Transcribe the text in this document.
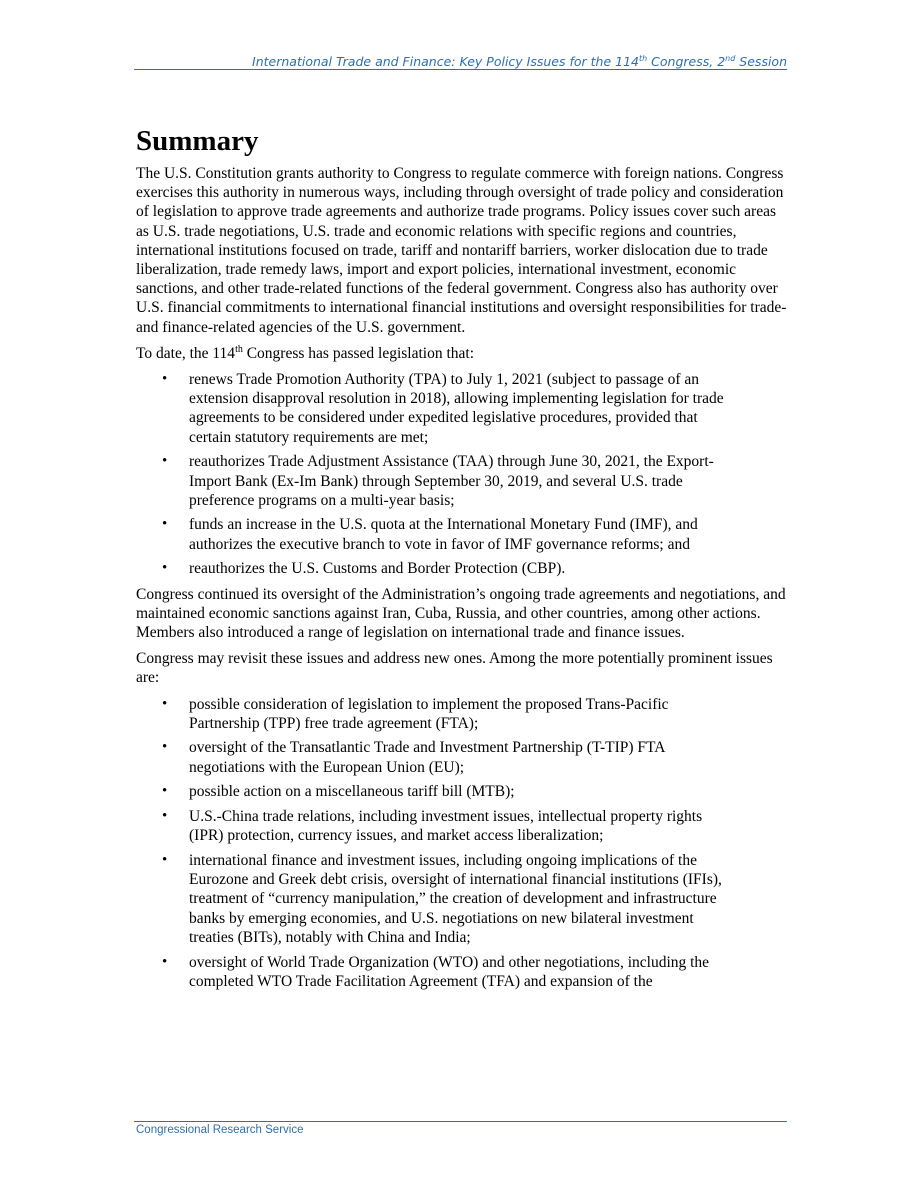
International Trade and Finance: Key Policy Issues for the 114th Congress, 2nd Session
Summary

The U.S. Constitution grants authority to Congress to regulate commerce with foreign nations. Congress exercises this authority in numerous ways, including through oversight of trade policy and consideration of legislation to approve trade agreements and authorize trade programs. Policy issues cover such areas as U.S. trade negotiations, U.S. trade and economic relations with specific regions and countries, international institutions focused on trade, tariff and nontariff barriers, worker dislocation due to trade liberalization, trade remedy laws, import and export policies, international investment, economic sanctions, and other trade-related functions of the federal government. Congress also has authority over U.S. financial commitments to international financial institutions and oversight responsibilities for trade- and finance-related agencies of the U.S. government.

To date, the 114th Congress has passed legislation that:

• renews Trade Promotion Authority (TPA) to July 1, 2021 (subject to passage of an extension disapproval resolution in 2018), allowing implementing legislation for trade agreements to be considered under expedited legislative procedures, provided that certain statutory requirements are met;
• reauthorizes Trade Adjustment Assistance (TAA) through June 30, 2021, the Export-Import Bank (Ex-Im Bank) through September 30, 2019, and several U.S. trade preference programs on a multi-year basis;
• funds an increase in the U.S. quota at the International Monetary Fund (IMF), and authorizes the executive branch to vote in favor of IMF governance reforms; and
• reauthorizes the U.S. Customs and Border Protection (CBP).

Congress continued its oversight of the Administration’s ongoing trade agreements and negotiations, and maintained economic sanctions against Iran, Cuba, Russia, and other countries, among other actions. Members also introduced a range of legislation on international trade and finance issues.

Congress may revisit these issues and address new ones. Among the more potentially prominent issues are:

• possible consideration of legislation to implement the proposed Trans-Pacific Partnership (TPP) free trade agreement (FTA);
• oversight of the Transatlantic Trade and Investment Partnership (T-TIP) FTA negotiations with the European Union (EU);
• possible action on a miscellaneous tariff bill (MTB);
• U.S.-China trade relations, including investment issues, intellectual property rights (IPR) protection, currency issues, and market access liberalization;
• international finance and investment issues, including ongoing implications of the Eurozone and Greek debt crisis, oversight of international financial institutions (IFIs), treatment of “currency manipulation,” the creation of development and infrastructure banks by emerging economies, and U.S. negotiations on new bilateral investment treaties (BITs), notably with China and India;
• oversight of World Trade Organization (WTO) and other negotiations, including the completed WTO Trade Facilitation Agreement (TFA) and expansion of the
Congressional Research Service
